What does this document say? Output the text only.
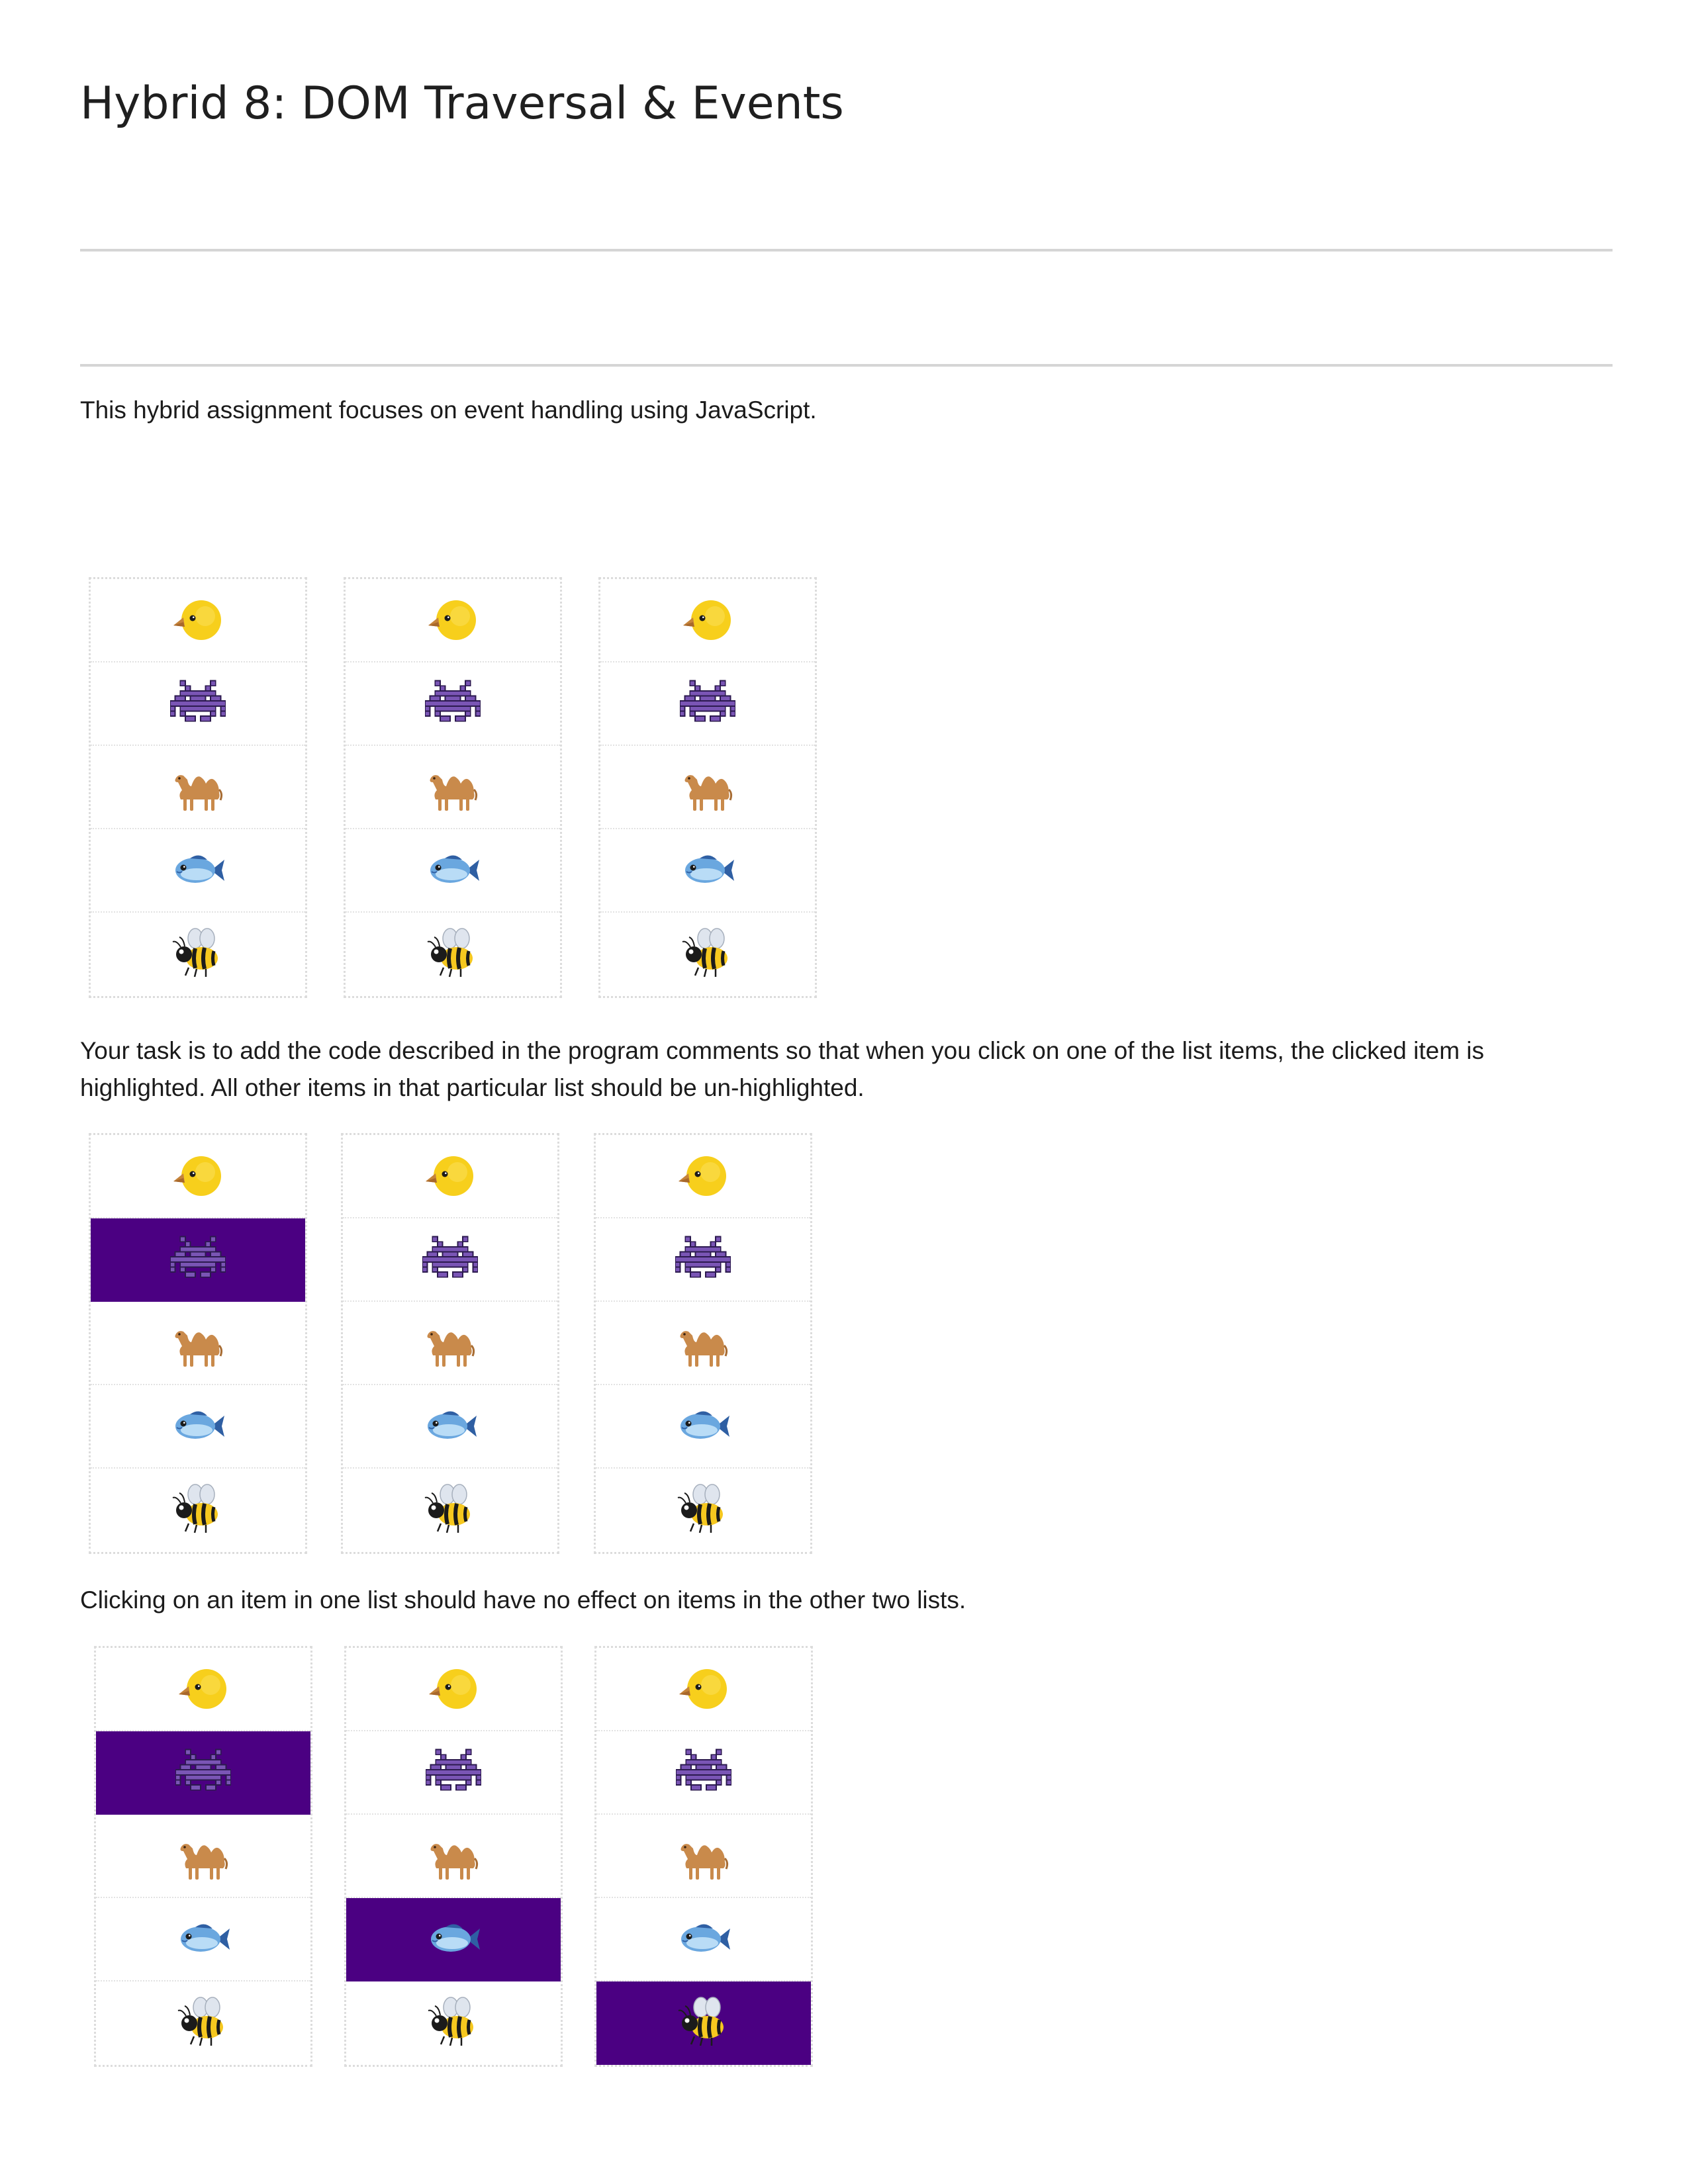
Hybrid 8: DOM Traversal & Events

This hybrid assignment focuses on event handling using JavaScript.

Your task is to add the code described in the program comments so that when you click on one of the list items, the clicked item is highlighted. All other items in that particular list should be un-highlighted.

Clicking on an item in one list should have no effect on items in the other two lists.
